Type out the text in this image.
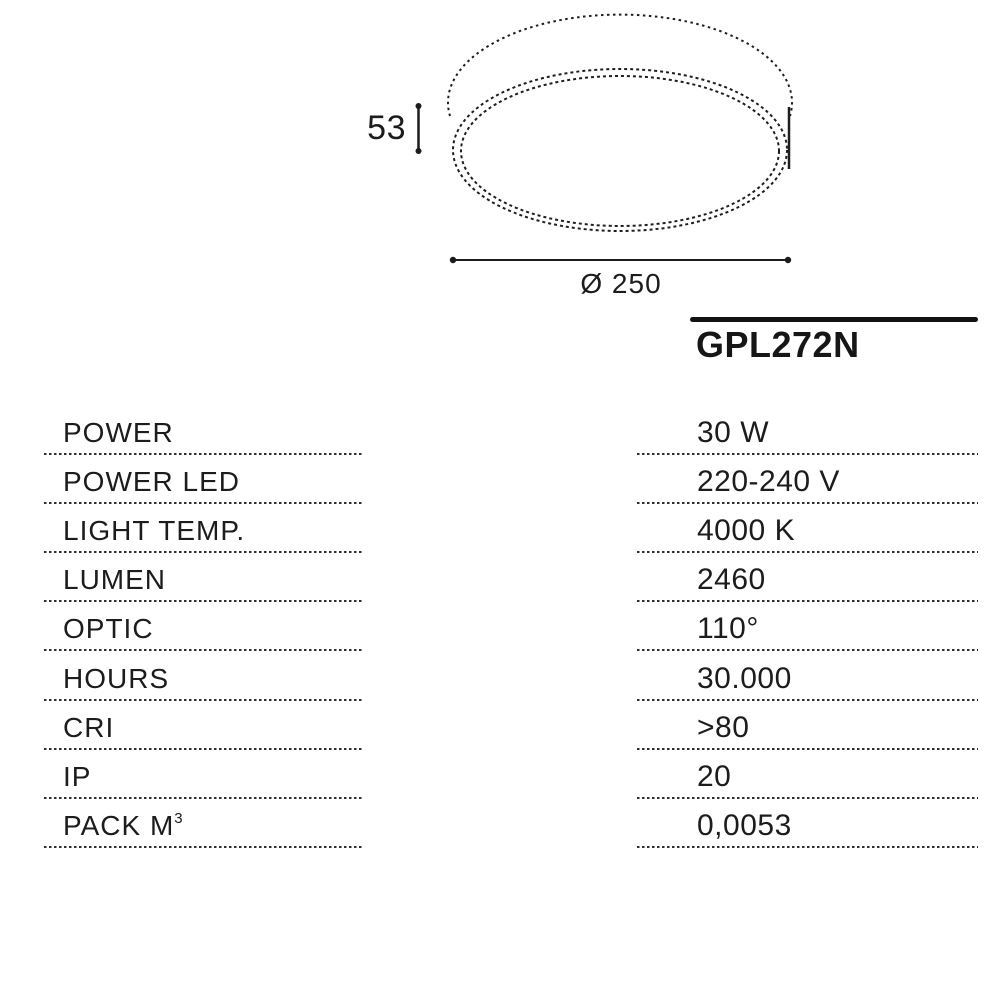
53
Ø 250
GPL272N
POWER
POWER LED
LIGHT TEMP.
LUMEN
OPTIC
HOURS
CRI
IP
PACK $M^3$
30 W
220-240 V
4000 K
2460
110°
30.000
>80
20
0,0053
